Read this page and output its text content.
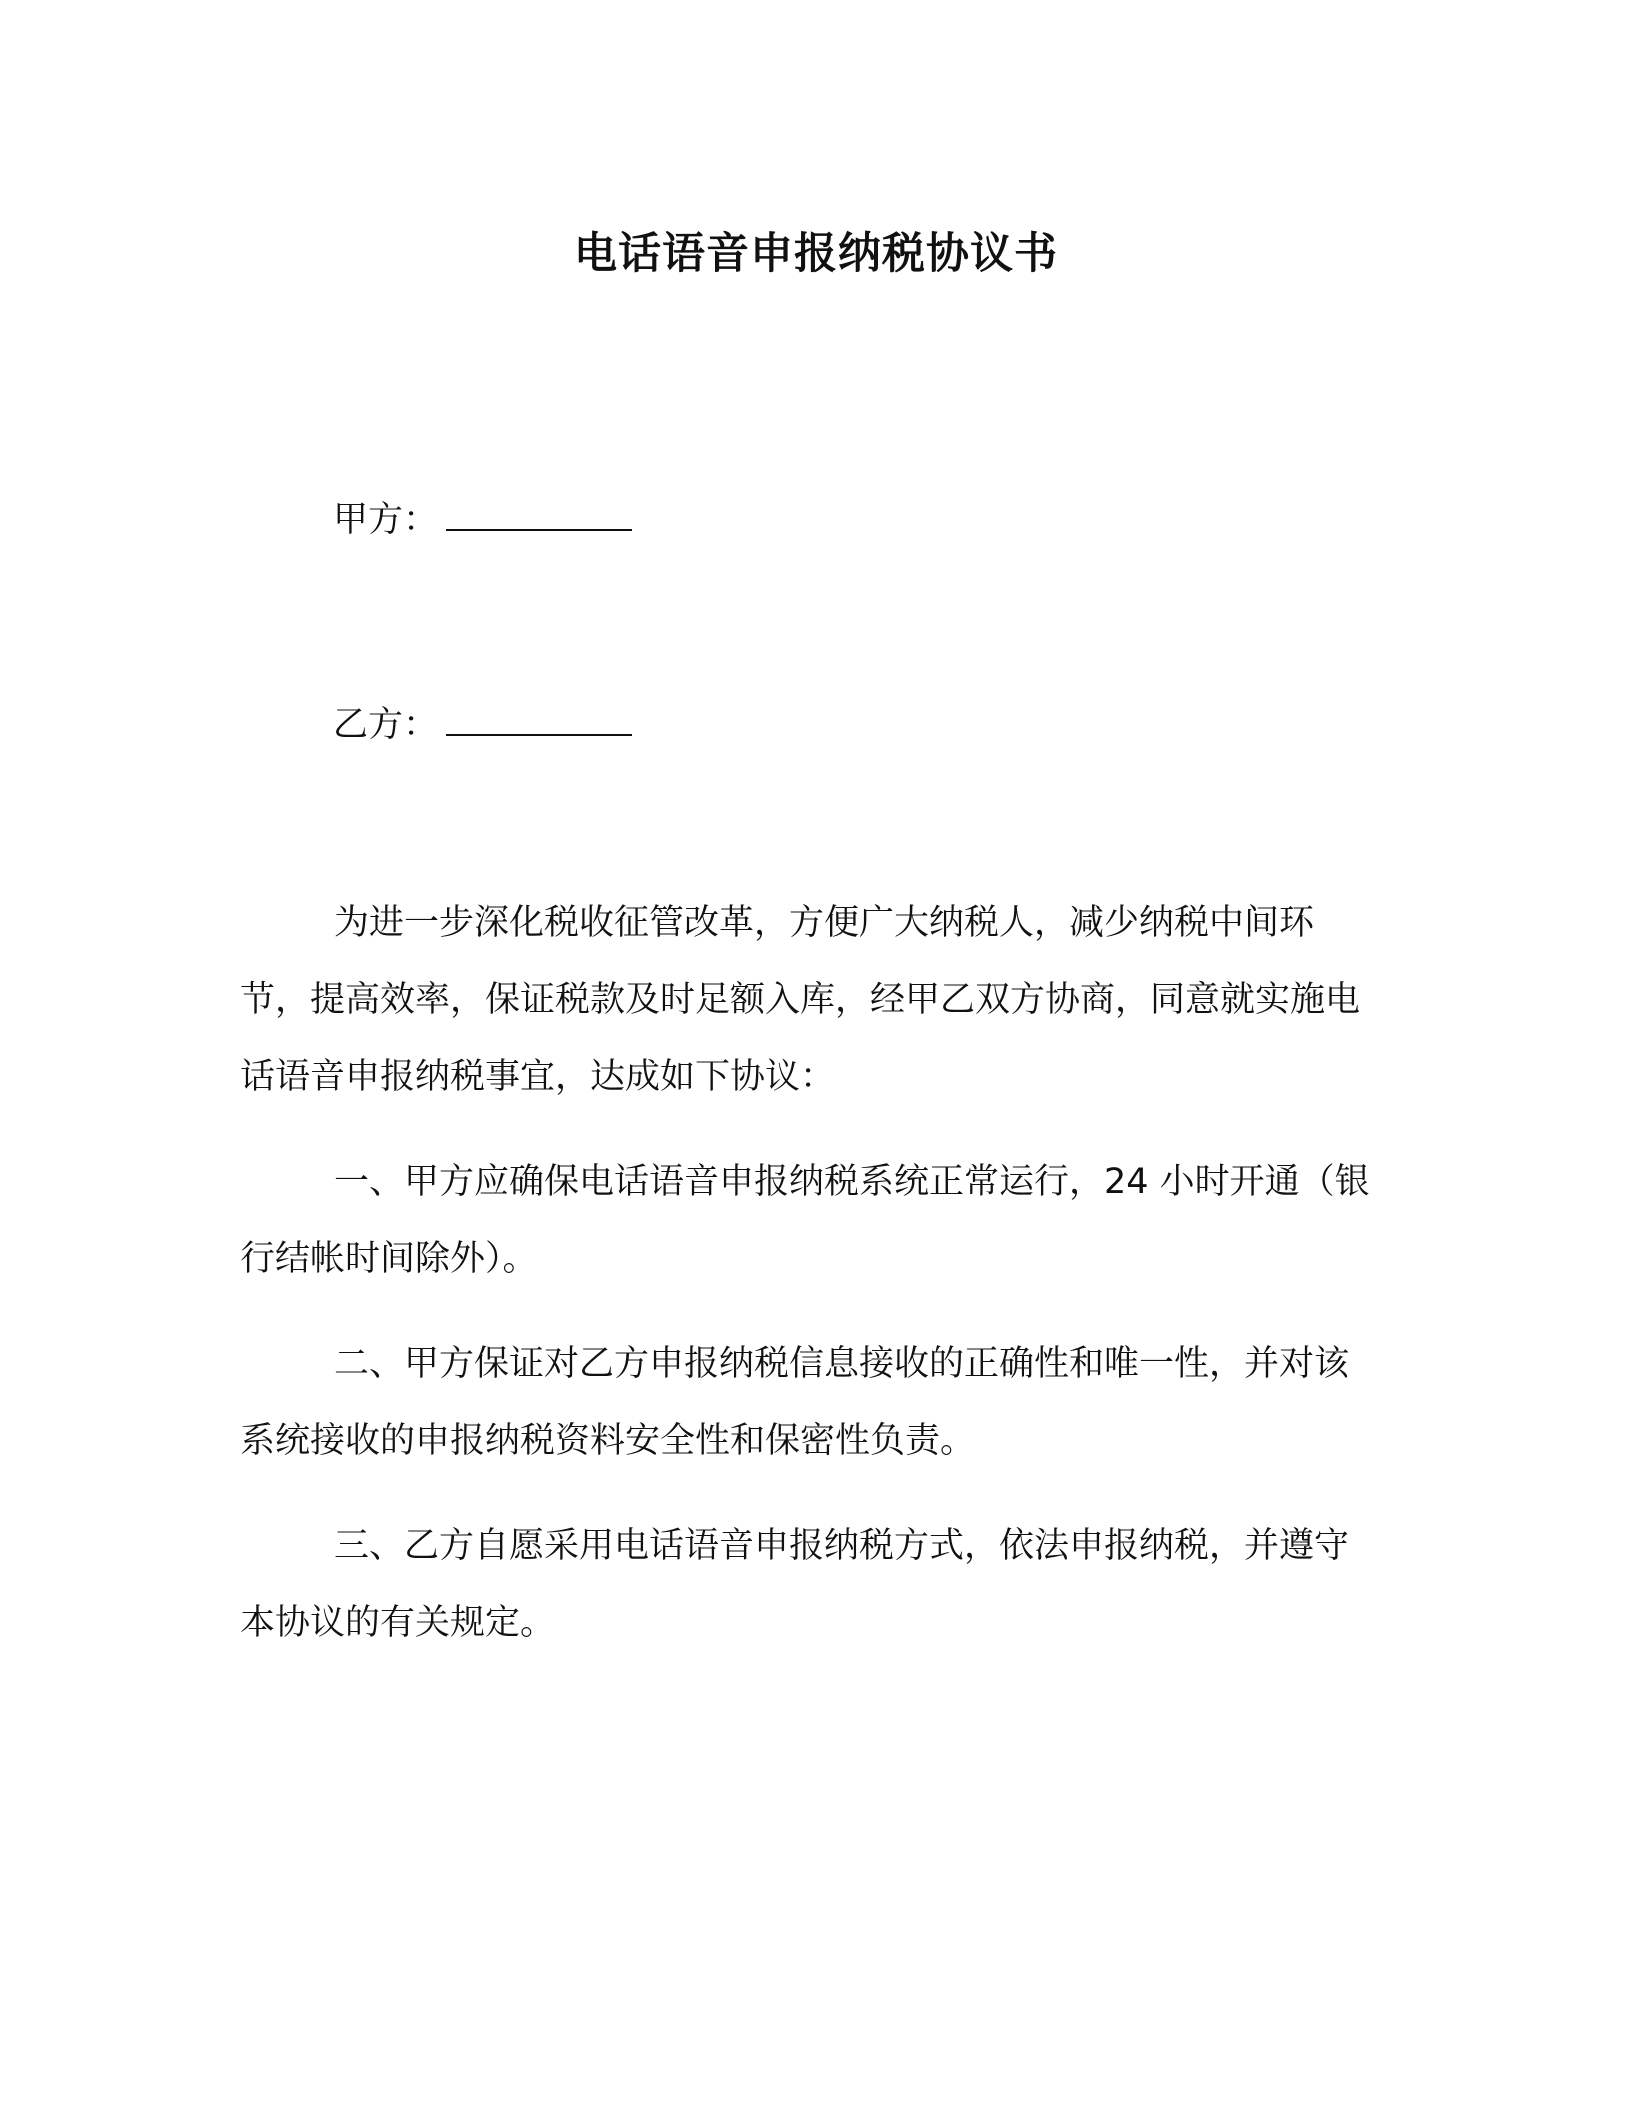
电话语音申报纳税协议书
甲方：
乙方：

为进一步深化税收征管改革，方便广大纳税人，减少纳税中间环节，提高效率，保证税款及时足额入库，经甲乙双方协商，同意就实施电话语音申报纳税事宜，达成如下协议：

一、甲方应确保电话语音申报纳税系统正常运行，24 小时开通（银行结帐时间除外）。

二、甲方保证对乙方申报纳税信息接收的正确性和唯一性，并对该系统接收的申报纳税资料安全性和保密性负责。

三、乙方自愿采用电话语音申报纳税方式，依法申报纳税，并遵守本协议的有关规定。
